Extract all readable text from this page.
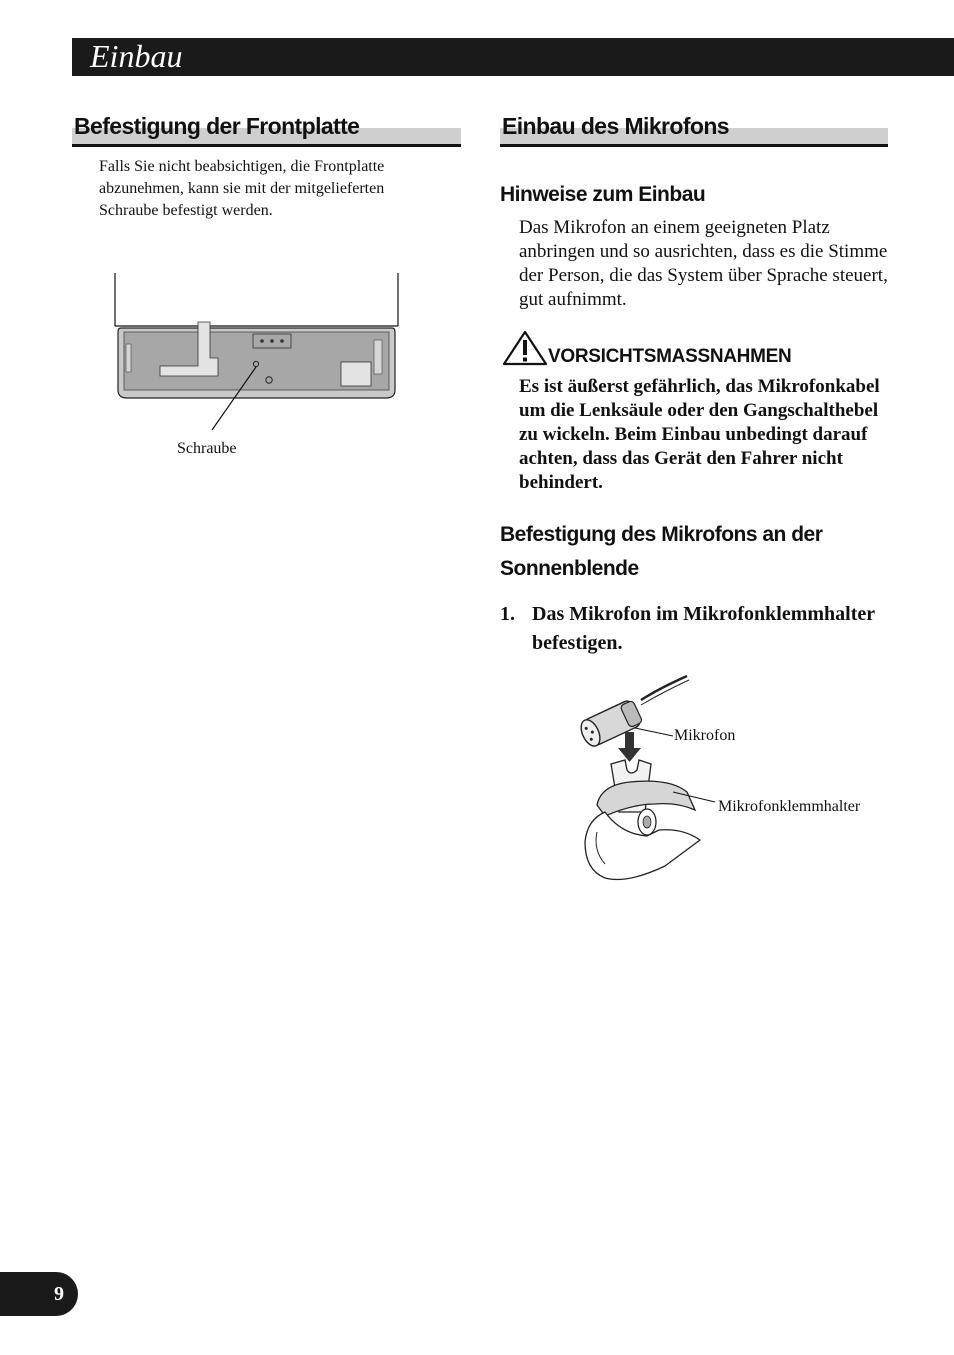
Einbau
Befestigung der Frontplatte
Falls Sie nicht beabsichtigen, die Frontplatte abzunehmen, kann sie mit der mitgelieferten Schraube befestigt werden.
Schraube
Einbau des Mikrofons
Hinweise zum Einbau
Das Mikrofon an einem geeigneten Platz anbringen und so ausrichten, dass es die Stimme der Person, die das System über Sprache steuert, gut aufnimmt.
VORSICHTSMASSNAHMEN
Es ist äußerst gefährlich, das Mikrofonkabel um die Lenksäule oder den Gangschalthebel zu wickeln. Beim Einbau unbedingt darauf achten, dass das Gerät den Fahrer nicht behindert.
Befestigung des Mikrofons an der Sonnenblende
1. Das Mikrofon im Mikrofonklemmhalter befestigen.
Mikrofon
Mikrofonklemmhalter
9
